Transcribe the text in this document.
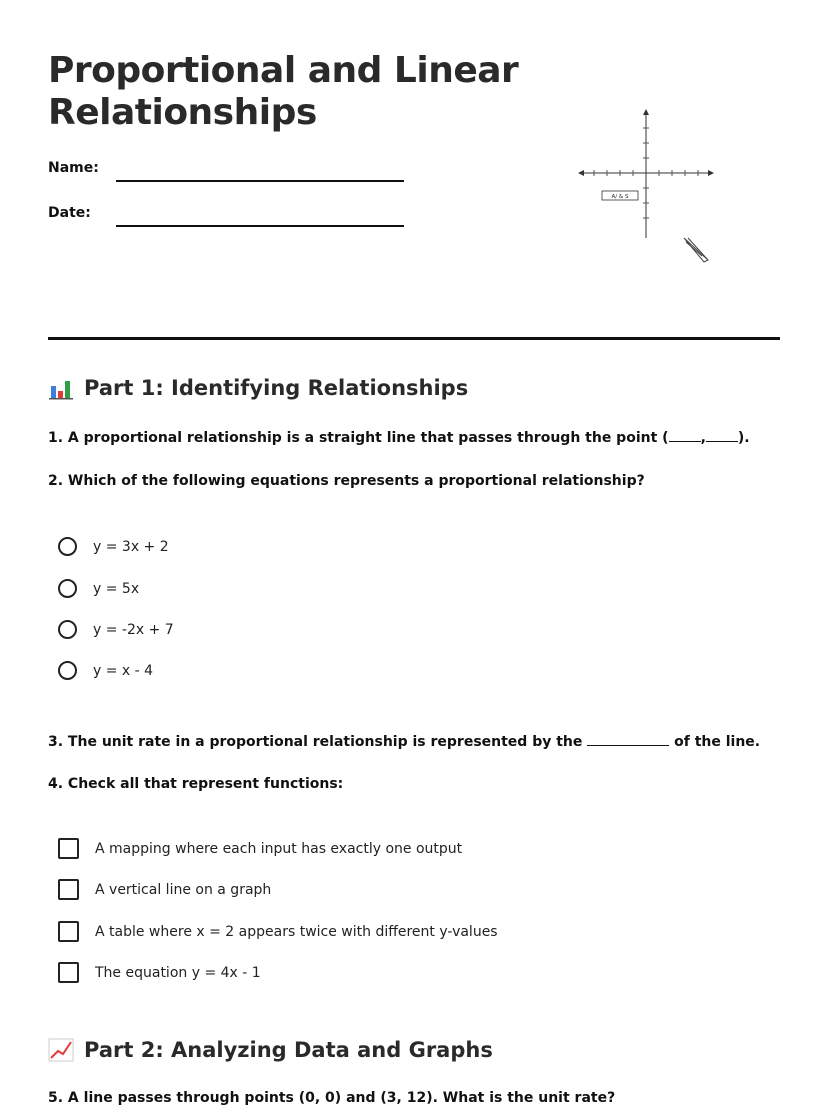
Proportional and Linear
Relationships
Name:
Date:
A/ & S
Part 1: Identifying Relationships
1. A proportional relationship is a straight line that passes through the point ( , ).
2. Which of the following equations represents a proportional relationship?
y = 3x + 2
y = 5x
y = -2x + 7
y = x - 4
3. The unit rate in a proportional relationship is represented by the	of the line.
4. Check all that represent functions:
A mapping where each input has exactly one output
A vertical line on a graph
A table where x = 2 appears twice with different y-values
The equation y = 4x - 1
Part 2: Analyzing Data and Graphs
5. A line passes through points (0, 0) and (3, 12). What is the unit rate?
